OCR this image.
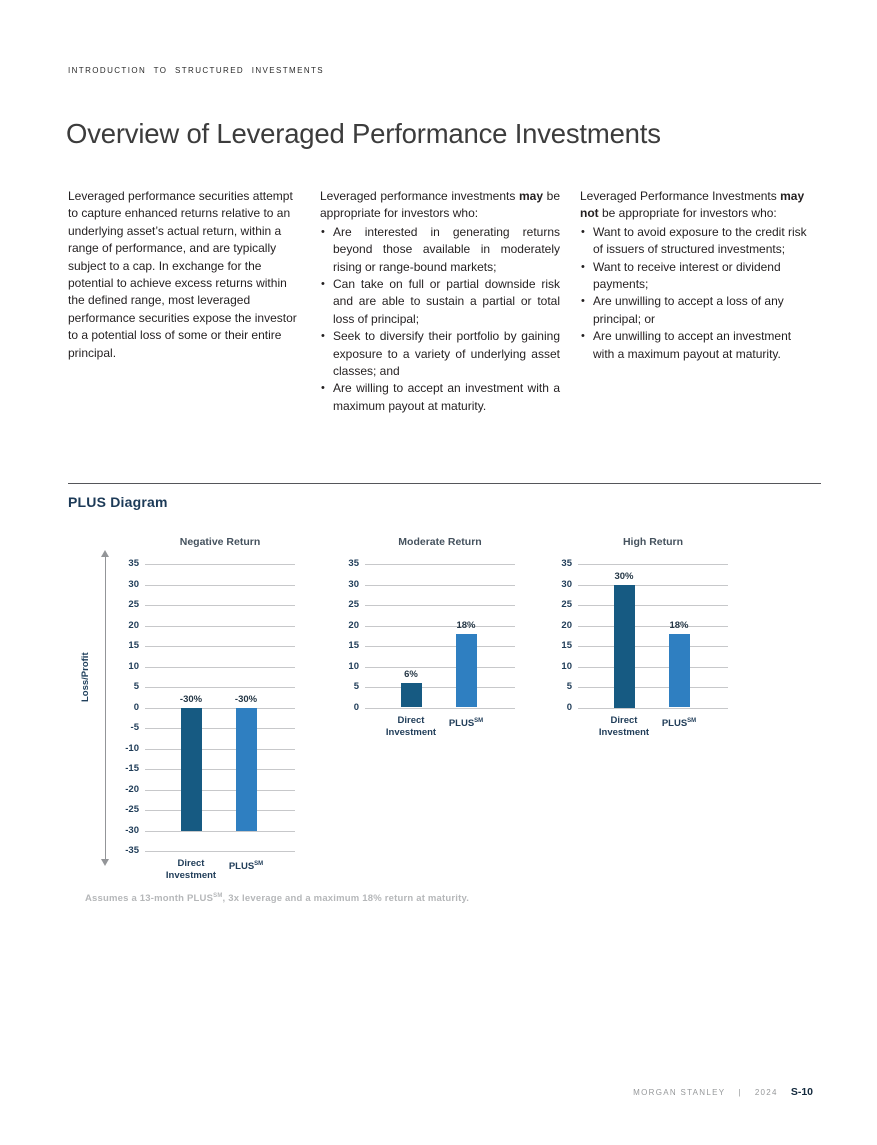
INTRODUCTION TO STRUCTURED INVESTMENTS
Overview of Leveraged Performance Investments

Leveraged performance securities attempt to capture enhanced returns relative to an underlying asset’s actual return, within a range of performance, and are typically subject to a cap. In exchange for the potential to achieve excess returns within the defined range, most leveraged performance securities expose the investor to a potential loss of some or their entire principal.

Leveraged performance investments may be appropriate for investors who:

• Are interested in generating returns beyond those available in moderately rising or range-bound markets;
• Can take on full or partial downside risk and are able to sustain a partial or total loss of principal;
• Seek to diversify their portfolio by gaining exposure to a variety of underlying asset classes; and
• Are willing to accept an investment with a maximum payout at maturity.

Leveraged Performance Investments may not be appropriate for investors who:

• Want to avoid exposure to the credit risk of issuers of structured investments;
• Want to receive interest or dividend payments;
• Are unwilling to accept a loss of any principal; or
• Are unwilling to accept an investment with a maximum payout at maturity.
PLUS Diagram
Loss/Profit
Negative Return
35
30
25
20
15
10
5
0
-5
-10
-15
-20
-25
-30
-35
-30%
Direct
Investment
-30%
PLUS℠
Moderate Return
35
30
25
20
15
10
5
0
6%
Direct
Investment
18%
PLUS℠
High Return
35
30
25
20
15
10
5
0
30%
Direct
Investment
18%
PLUS℠
Assumes a 13-month PLUS℠, 3x leverage and a maximum 18% return at maturity.
MORGAN STANLEY | 2024 S-10
